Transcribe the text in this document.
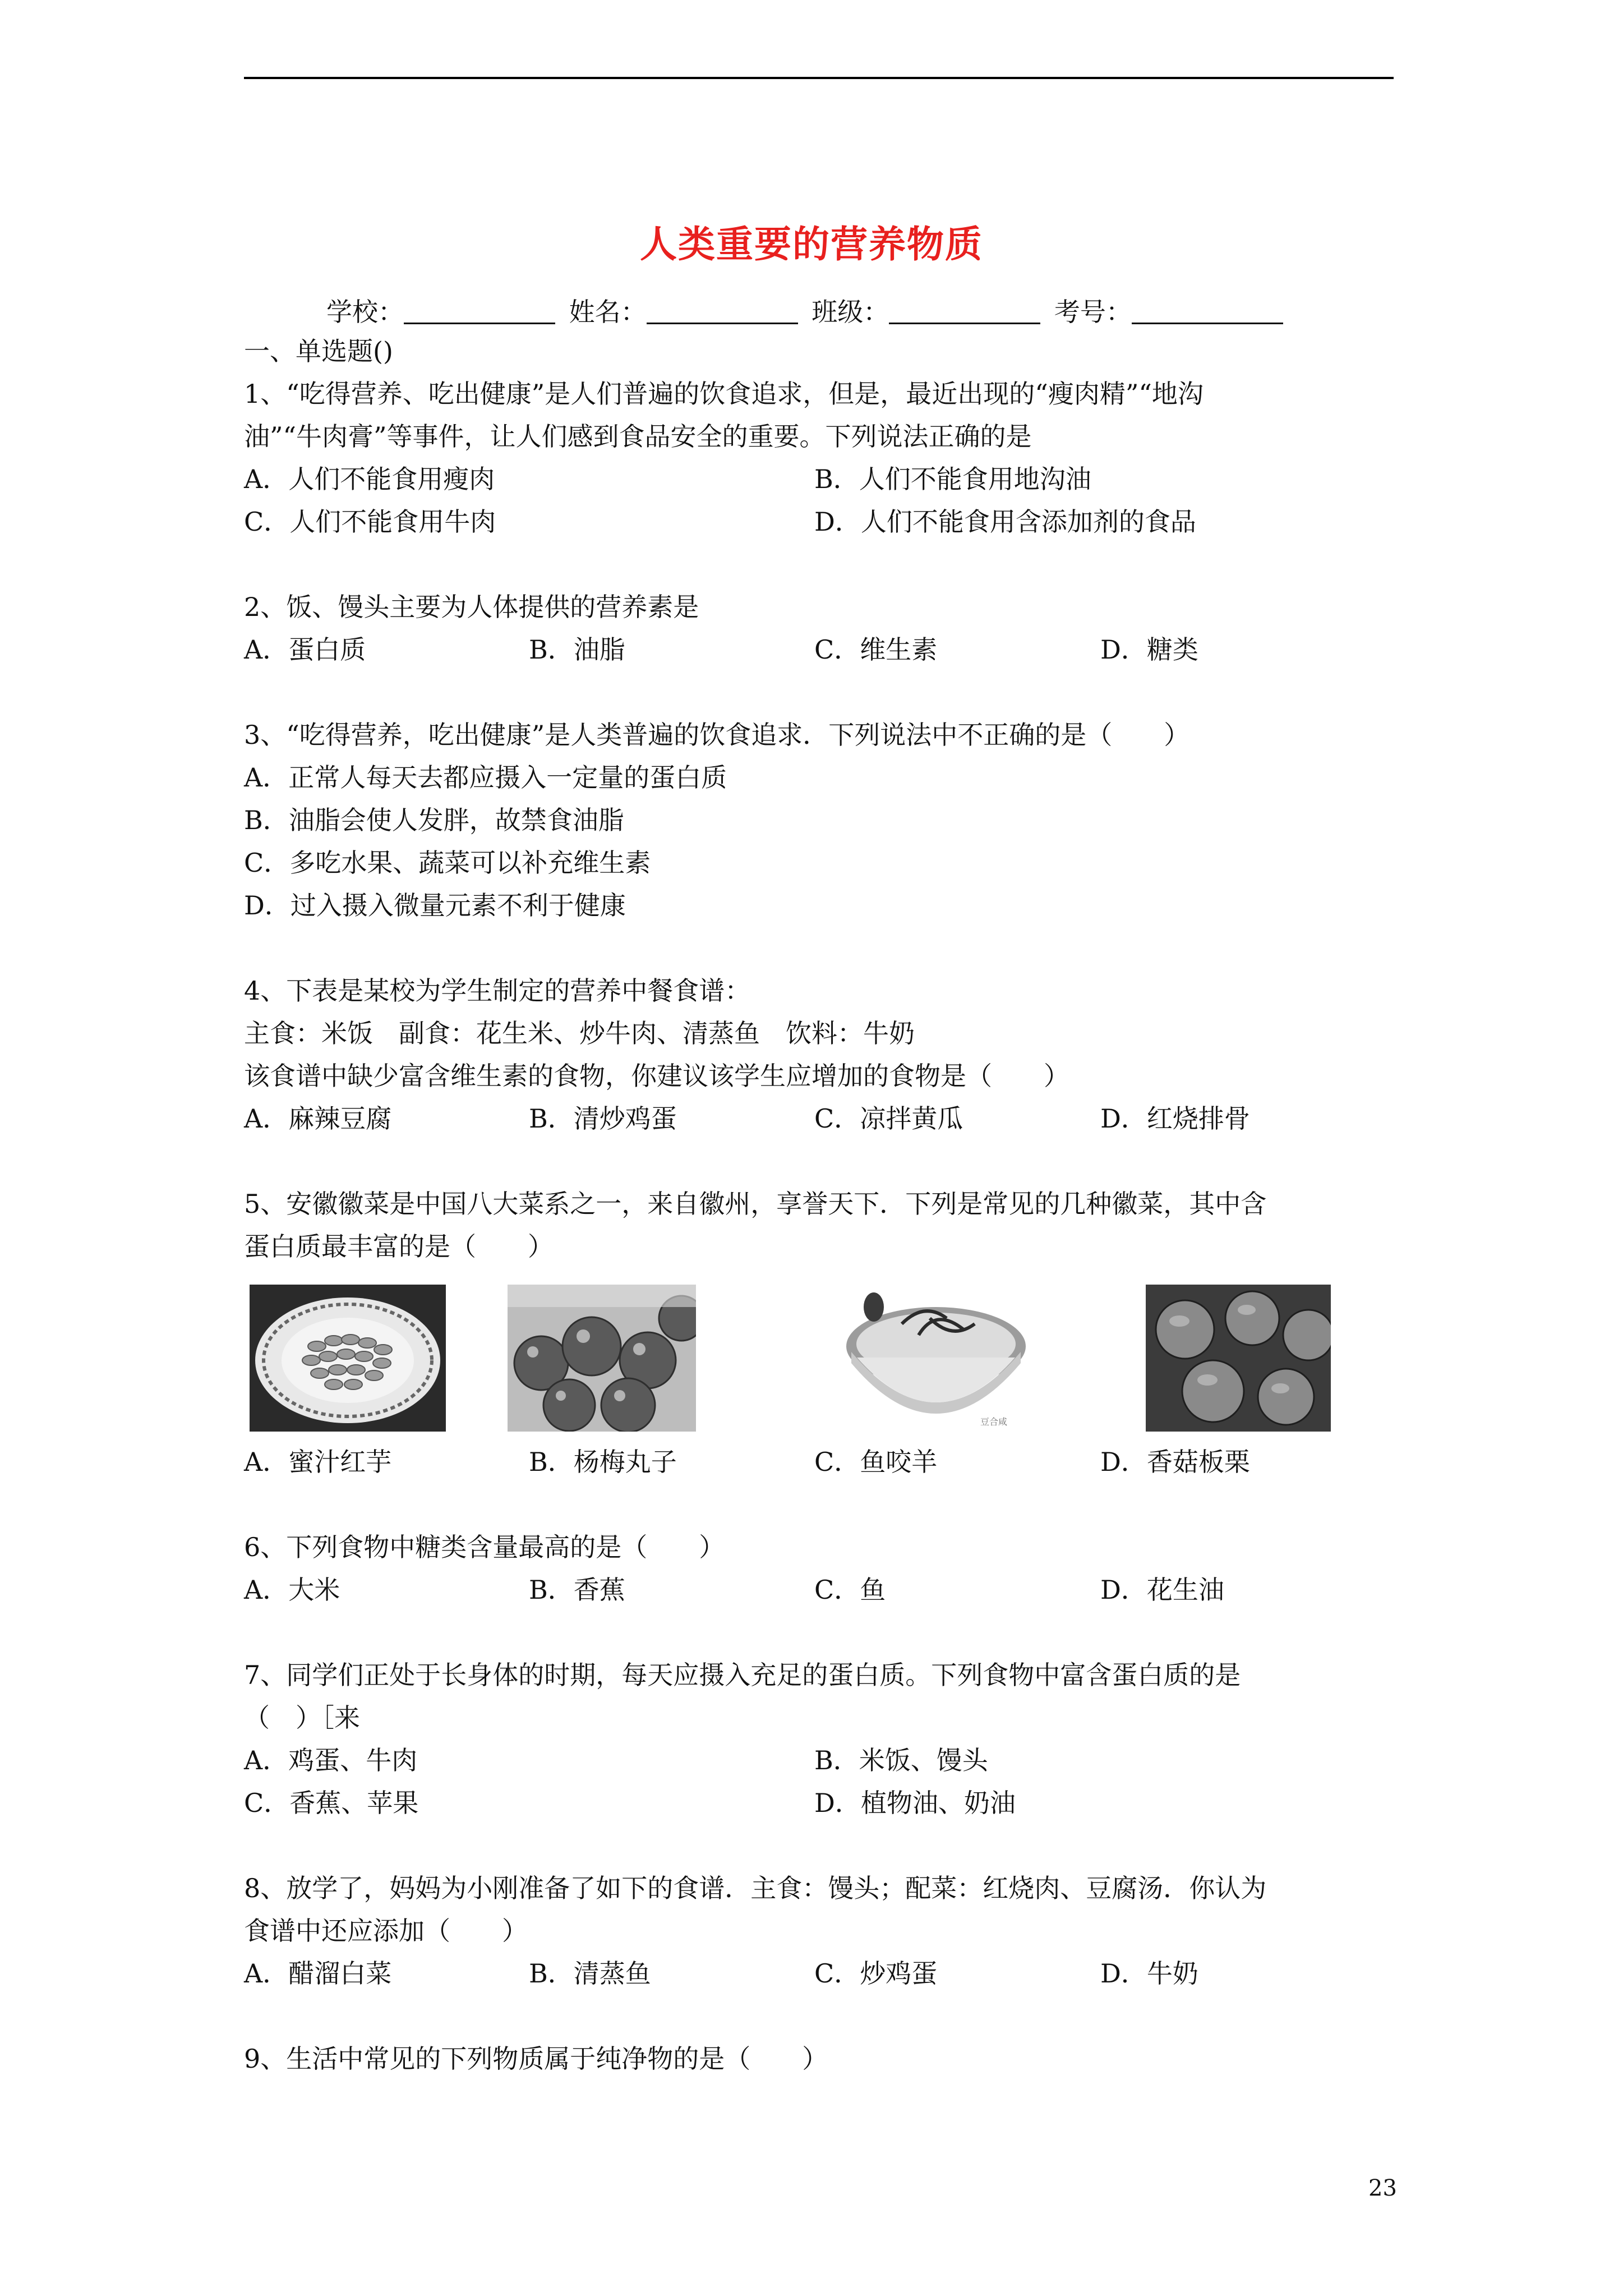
人类重要的营养物质
学校：	姓名：	班级：	考号：
一、单选题()
1、“吃得营养、吃出健康”是人们普遍的饮食追求，但是，最近出现的“瘦肉精”“地沟
油”“牛肉膏”等事件，让人们感到食品安全的重要。下列说法正确的是
A．人们不能食用瘦肉	B．人们不能食用地沟油
C．人们不能食用牛肉	D．人们不能食用含添加剂的食品
2、饭、馒头主要为人体提供的营养素是
A．蛋白质	B．油脂	C．维生素	D．糖类
3、“吃得营养，吃出健康”是人类普遍的饮食追求．下列说法中不正确的是（　　）
A．正常人每天去都应摄入一定量的蛋白质
B．油脂会使人发胖，故禁食油脂
C．多吃水果、蔬菜可以补充维生素
D．过入摄入微量元素不利于健康
4、下表是某校为学生制定的营养中餐食谱：
主食：米饭　副食：花生米、炒牛肉、清蒸鱼　饮料：牛奶
该食谱中缺少富含维生素的食物，你建议该学生应增加的食物是（　　）
A．麻辣豆腐	B．清炒鸡蛋	C．凉拌黄瓜	D．红烧排骨
5、安徽徽菜是中国八大菜系之一，来自徽州，享誉天下．下列是常见的几种徽菜，其中含
蛋白质最丰富的是（　　）
豆合咸
A．蜜汁红芋	B．杨梅丸子	C．鱼咬羊	D．香菇板栗
6、下列食物中糖类含量最高的是（　　）
A．大米	B．香蕉	C．鱼	D．花生油
7、同学们正处于长身体的时期，每天应摄入充足的蛋白质。下列食物中富含蛋白质的是
（　）［来
A．鸡蛋、牛肉	B．米饭、馒头
C．香蕉、苹果	D．植物油、奶油
8、放学了，妈妈为小刚准备了如下的食谱．主食：馒头；配菜：红烧肉、豆腐汤．你认为
食谱中还应添加（　　）
A．醋溜白菜	B．清蒸鱼	C．炒鸡蛋	D．牛奶
9、生活中常见的下列物质属于纯净物的是（　　）
23
